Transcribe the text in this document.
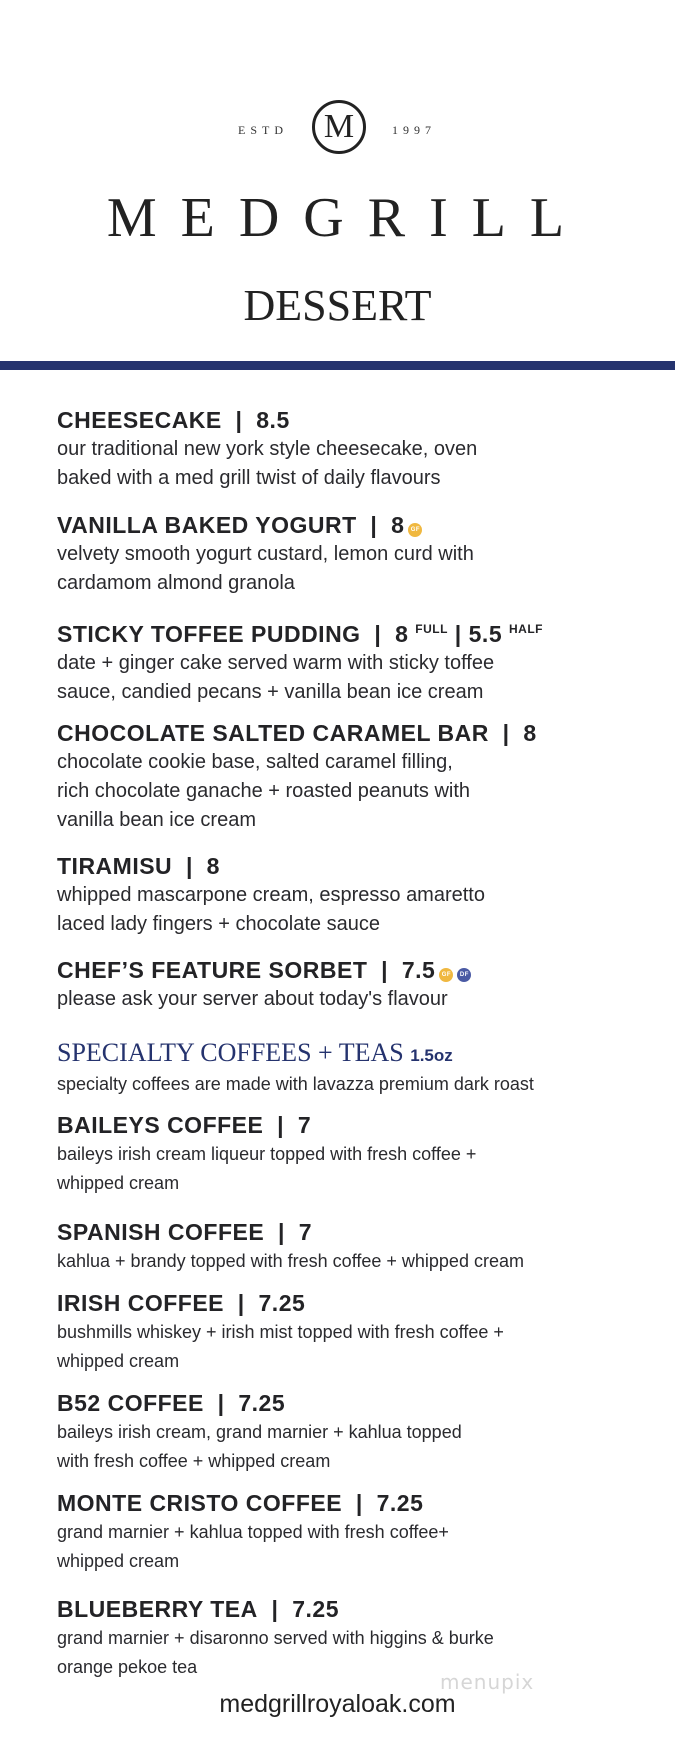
ESTD M	1997
MEDGRILL
DESSERT
CHEESECAKE  |  8.5
our traditional new york style cheesecake, oven
baked with a med grill twist of daily flavours
VANILLA BAKED YOGURT  |  8 GF
velvety smooth yogurt custard, lemon curd with
cardamom almond granola
STICKY TOFFEE PUDDING  |  8 $^{FULL}$ | 5.5 $^{HALF}$
date + ginger cake served warm with sticky toffee
sauce, candied pecans + vanilla bean ice cream
CHOCOLATE SALTED CARAMEL BAR  |  8
chocolate cookie base, salted caramel filling,
rich chocolate ganache + roasted peanuts with
vanilla bean ice cream
TIRAMISU  |  8
whipped mascarpone cream, espresso amaretto
laced lady fingers + chocolate sauce
CHEF’S FEATURE SORBET  |  7.5 GF DF
please ask your server about today's flavour
SPECIALTY COFFEES + TEAS 1.5oz
specialty coffees are made with lavazza premium dark roast
BAILEYS COFFEE  |  7
baileys irish cream liqueur topped with fresh coffee +
whipped cream
SPANISH COFFEE  |  7
kahlua + brandy topped with fresh coffee + whipped cream
IRISH COFFEE  |  7.25
bushmills whiskey + irish mist topped with fresh coffee +
whipped cream
B52 COFFEE  |  7.25
baileys irish cream, grand marnier + kahlua topped
with fresh coffee + whipped cream
MONTE CRISTO COFFEE  |  7.25
grand marnier + kahlua topped with fresh coffee+
whipped cream
BLUEBERRY TEA  |  7.25
grand marnier + disaronno served with higgins & burke
orange pekoe tea
menupix
medgrillroyaloak.com
